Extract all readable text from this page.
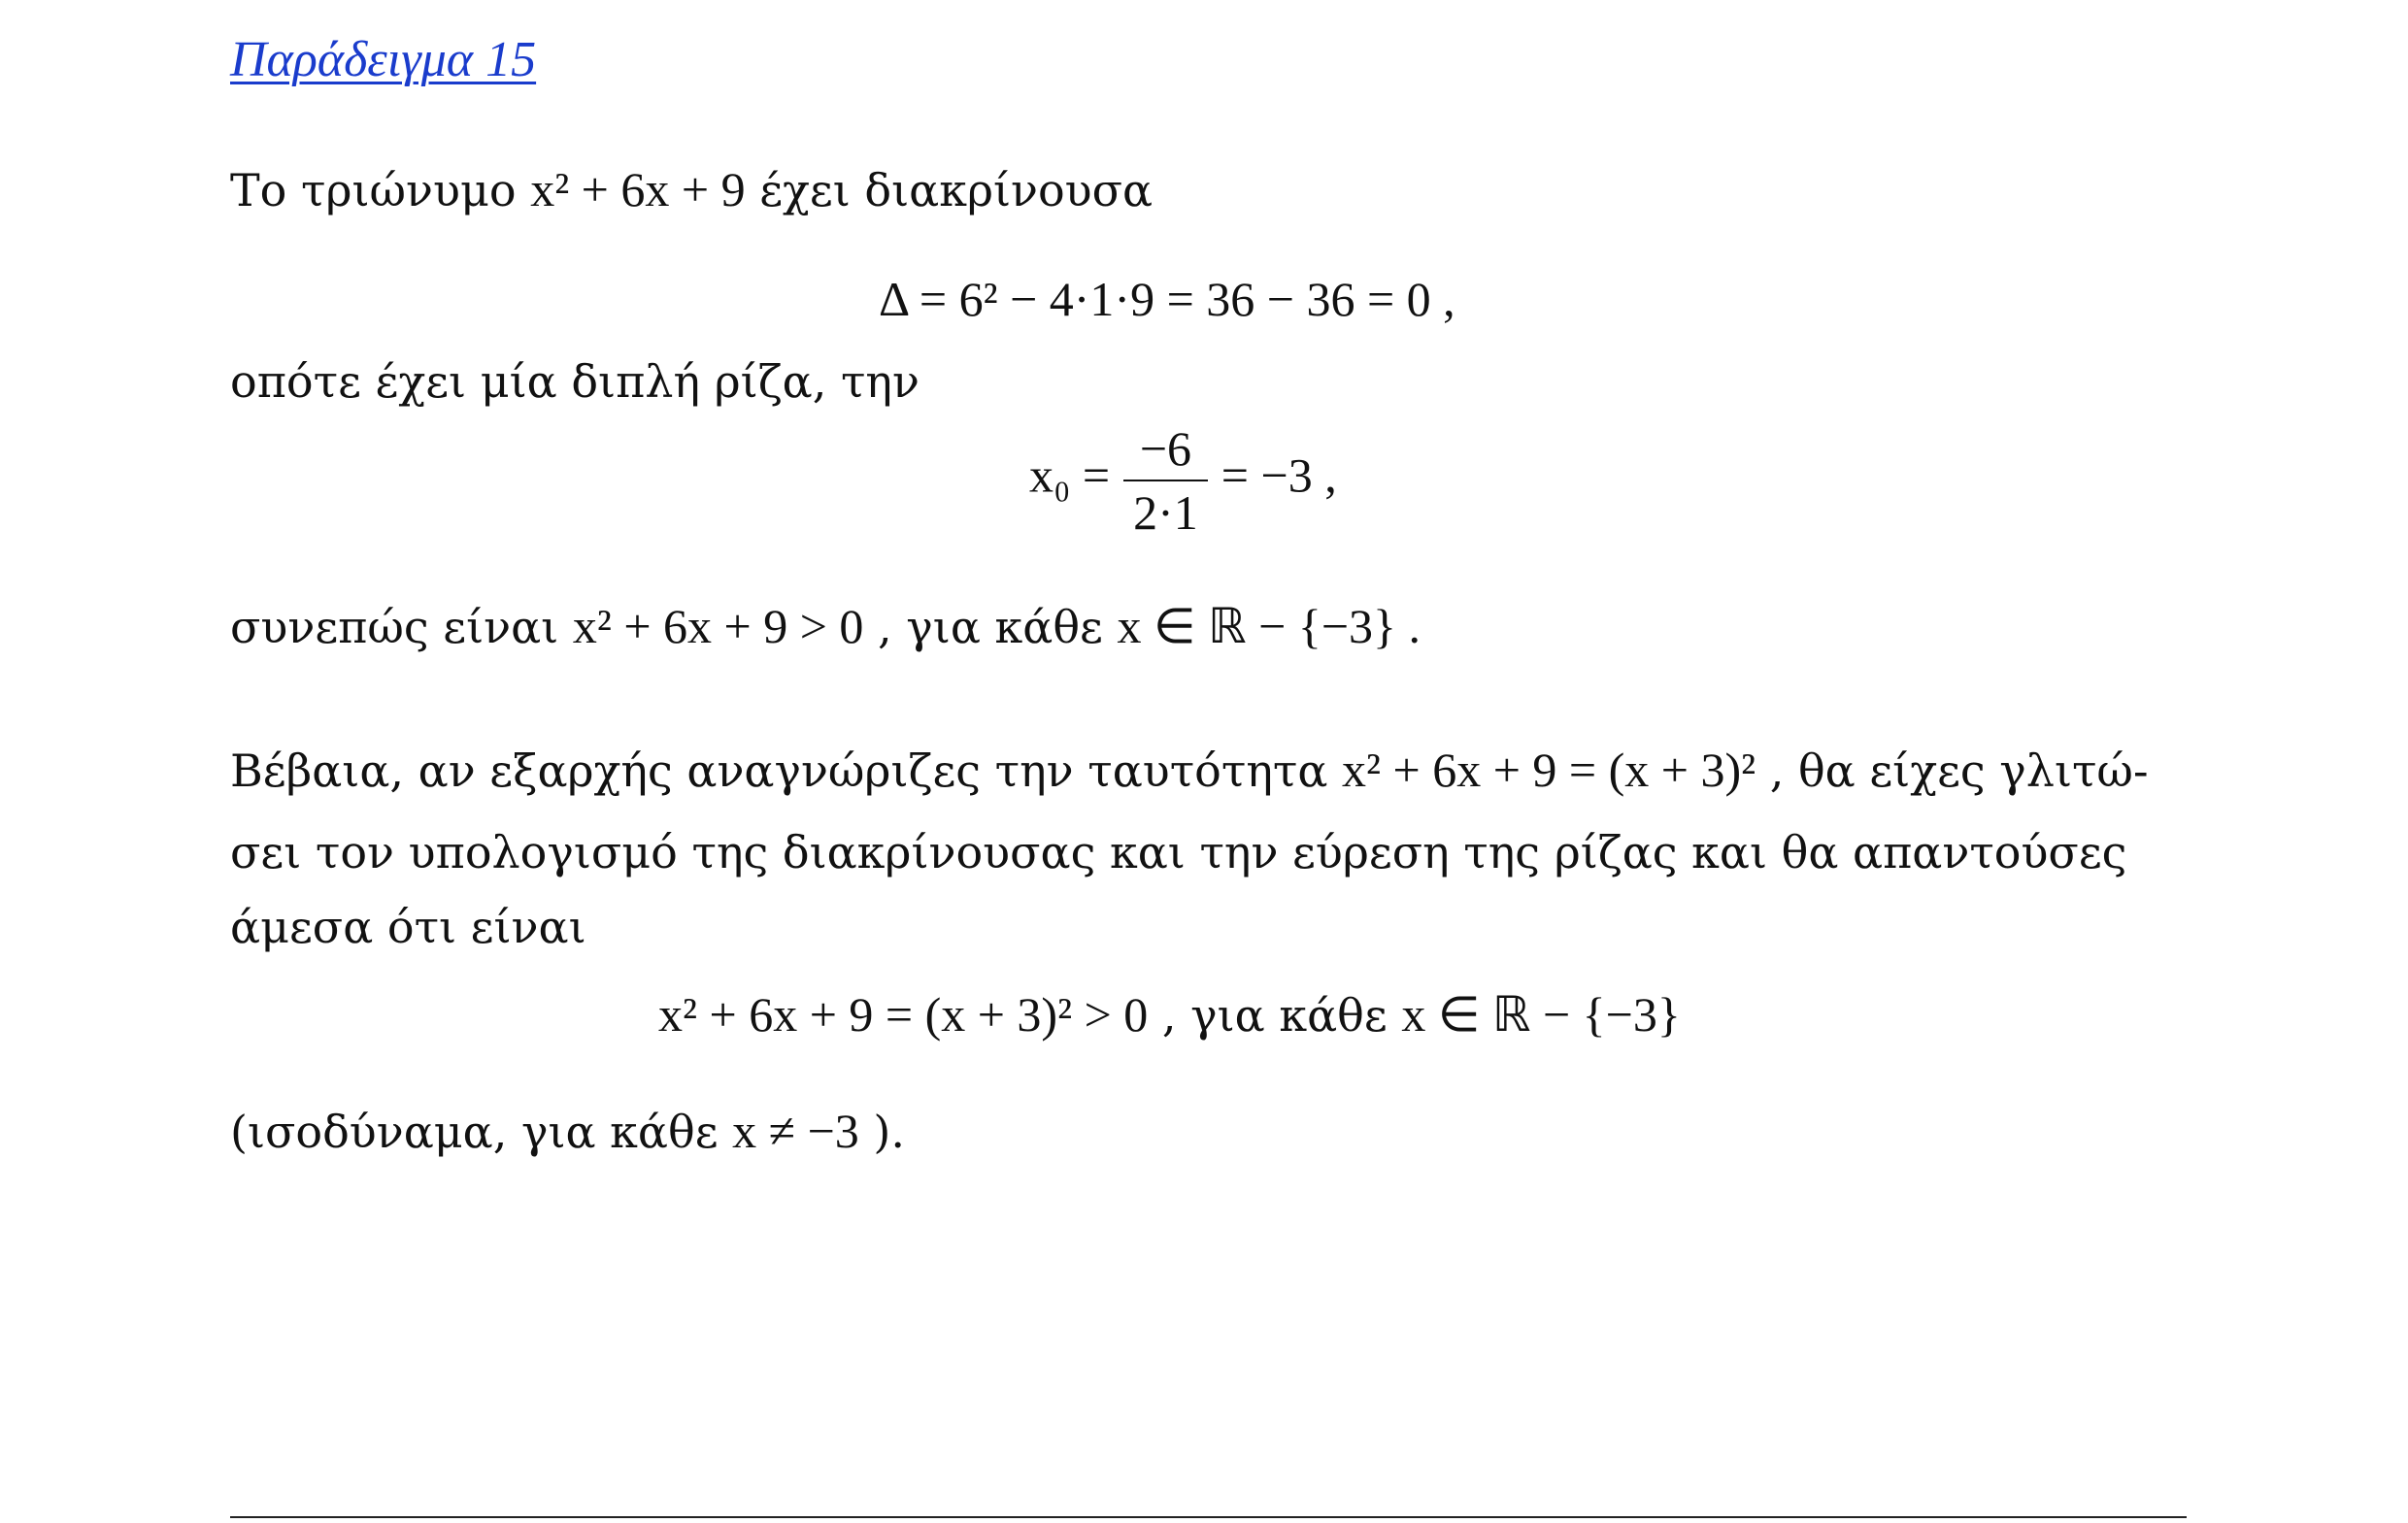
Παράδειγμα 15
Το τριώνυμο x² + 6x + 9 έχει διακρίνουσα
Δ = 6² − 4·1·9 = 36 − 36 = 0 ,
οπότε έχει μία διπλή ρίζα, την
$x_0 = \frac{-6}{2\cdot 1} = -3$ ,
συνεπώς είναι x² + 6x + 9 > 0 , για κάθε x ∈ ℝ − {−3} .
Βέβαια, αν εξαρχής αναγνώριζες την ταυτότητα x² + 6x + 9 = (x + 3)² , θα είχες γλιτώ-
σει τον υπολογισμό της διακρίνουσας και την εύρεση της ρίζας και θα απαντούσες
άμεσα ότι είναι
x² + 6x + 9 = (x + 3)² > 0 , για κάθε x ∈ ℝ − {−3}
(ισοδύναμα, για κάθε x ≠ −3 ).
